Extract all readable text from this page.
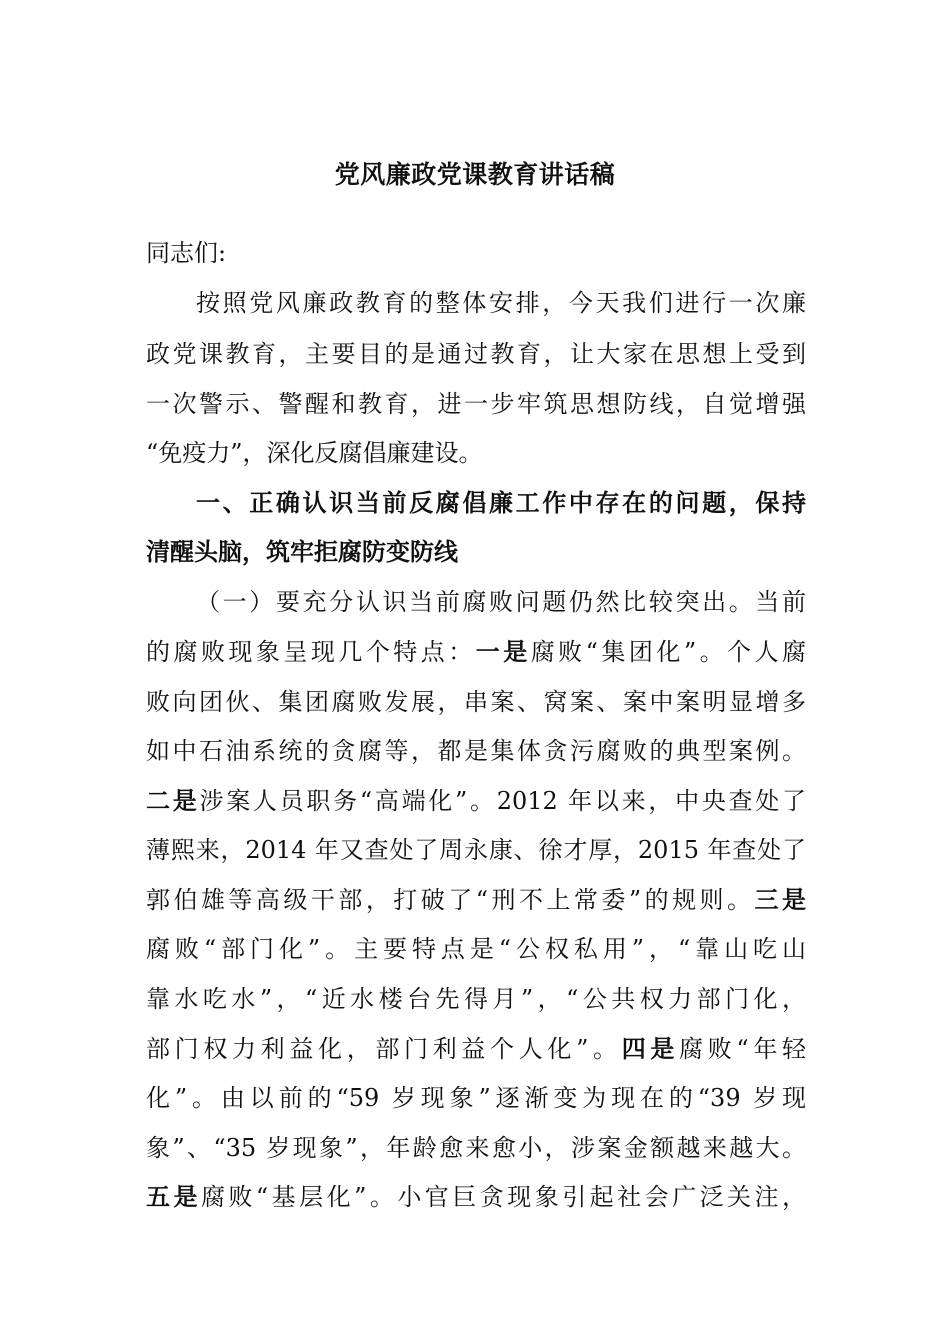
党风廉政党课教育讲话稿
同志们:
按照党风廉政教育的整体安排，今天我们进行一次廉
政党课教育，主要目的是通过教育，让大家在思想上受到
一次警示、警醒和教育，进一步牢筑思想防线，自觉增强
“免疫力”，深化反腐倡廉建设。
一、正确认识当前反腐倡廉工作中存在的问题，保持
清醒头脑，筑牢拒腐防变防线
（一）要充分认识当前腐败问题仍然比较突出。当前
的腐败现象呈现几个特点：一是腐败“集团化”。个人腐
败向团伙、集团腐败发展，串案、窝案、案中案明显增多
如中石油系统的贪腐等，都是集体贪污腐败的典型案例。
二是涉案人员职务“高端化”。2012 年以来，中央查处了
薄熙来，2014 年又查处了周永康、徐才厚，2015 年查处了
郭伯雄等高级干部，打破了“刑不上常委”的规则。三是
腐败“部门化”。主要特点是“公权私用”，“靠山吃山
靠水吃水”，“近水楼台先得月”，“公共权力部门化，
部门权力利益化，部门利益个人化”。四是腐败“年轻
化”。由以前的“59 岁现象”逐渐变为现在的“39 岁现
象”、“35 岁现象”，年龄愈来愈小，涉案金额越来越大。
五是腐败“基层化”。小官巨贪现象引起社会广泛关注，
